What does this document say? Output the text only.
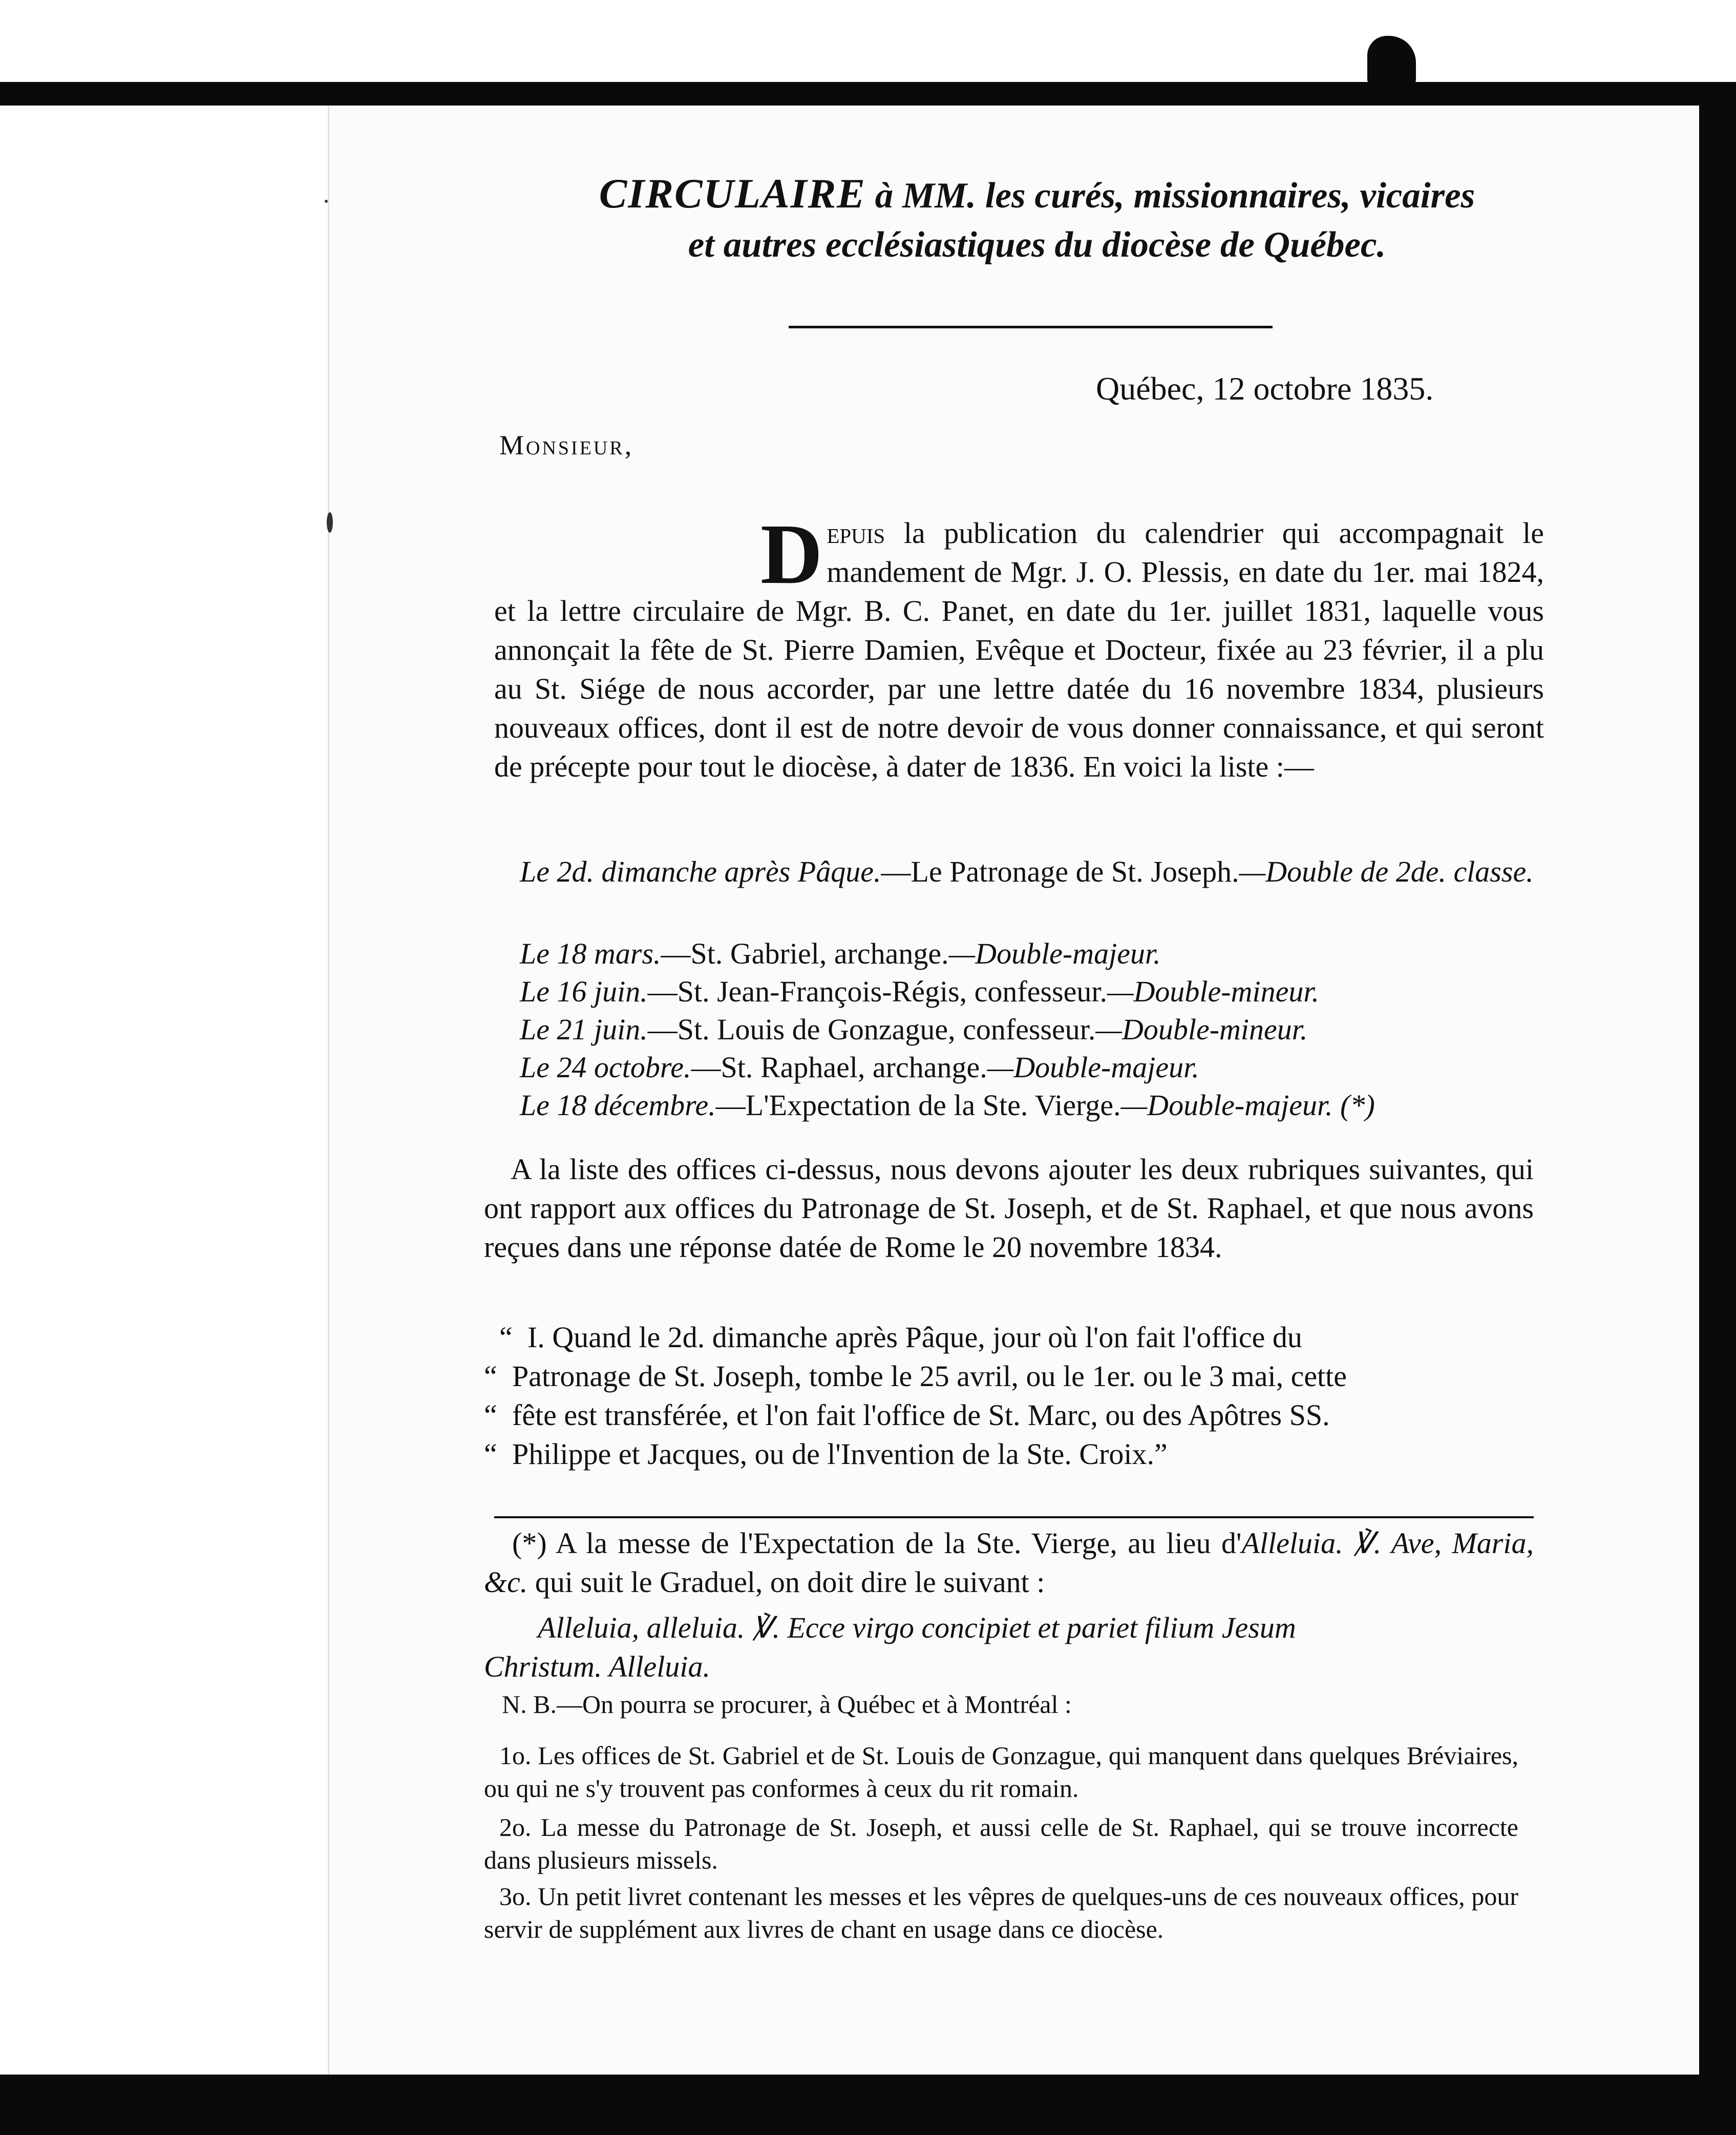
CIRCULAIRE à MM. les curés, missionnaires, vicaires
et autres ecclésiastiques du diocèse de Québec.
Québec, 12 octobre 1835.
Monsieur,
Depuis la publication du calendrier qui accompagnait le mandement de Mgr. J. O. Plessis, en date du 1er. mai 1824, et la lettre circulaire de Mgr. B. C. Panet, en date du 1er. juillet 1831, laquelle vous annonçait la fête de St. Pierre Damien, Evêque et Docteur, fixée au 23 février, il a plu au St. Siége de nous accorder, par une lettre datée du 16 novembre 1834, plusieurs nouveaux offices, dont il est de notre devoir de vous donner connaissance, et qui seront de précepte pour tout le diocèse, à dater de 1836. En voici la liste :—

Le 2d. dimanche après Pâque.—Le Patronage de St. Joseph.—Double de 2de. classe.

Le 18 mars.—St. Gabriel, archange.—Double-majeur.

Le 16 juin.—St. Jean-François-Régis, confesseur.—Double-mineur.

Le 21 juin.—St. Louis de Gonzague, confesseur.—Double-mineur.

Le 24 octobre.—St. Raphael, archange.—Double-majeur.

Le 18 décembre.—L'Expectation de la Ste. Vierge.—Double-majeur. (*)

A la liste des offices ci-dessus, nous devons ajouter les deux rubriques suivantes, qui ont rapport aux offices du Patronage de St. Joseph, et de St. Raphael, et que nous avons reçues dans une réponse datée de Rome le 20 novembre 1834.
“ I. Quand le 2d. dimanche après Pâque, jour où l'on fait l'office du
“ Patronage de St. Joseph, tombe le 25 avril, ou le 1er. ou le 3 mai, cette
“ fête est transférée, et l'on fait l'office de St. Marc, ou des Apôtres SS.
“ Philippe et Jacques, ou de l'Invention de la Ste. Croix.”
(*) A la messe de l'Expectation de la Ste. Vierge, au lieu d'Alleluia. ℣. Ave, Maria, &c. qui suit le Graduel, on doit dire le suivant :
Alleluia, alleluia. ℣. Ecce virgo concipiet et pariet filium Jesum
Christum. Alleluia.
N. B.—On pourra se procurer, à Québec et à Montréal :
1o. Les offices de St. Gabriel et de St. Louis de Gonzague, qui manquent dans quelques Bréviaires, ou qui ne s'y trouvent pas conformes à ceux du rit romain.
2o. La messe du Patronage de St. Joseph, et aussi celle de St. Raphael, qui se trouve incorrecte dans plusieurs missels.
3o. Un petit livret contenant les messes et les vêpres de quelques-uns de ces nouveaux offices, pour servir de supplément aux livres de chant en usage dans ce diocèse.
